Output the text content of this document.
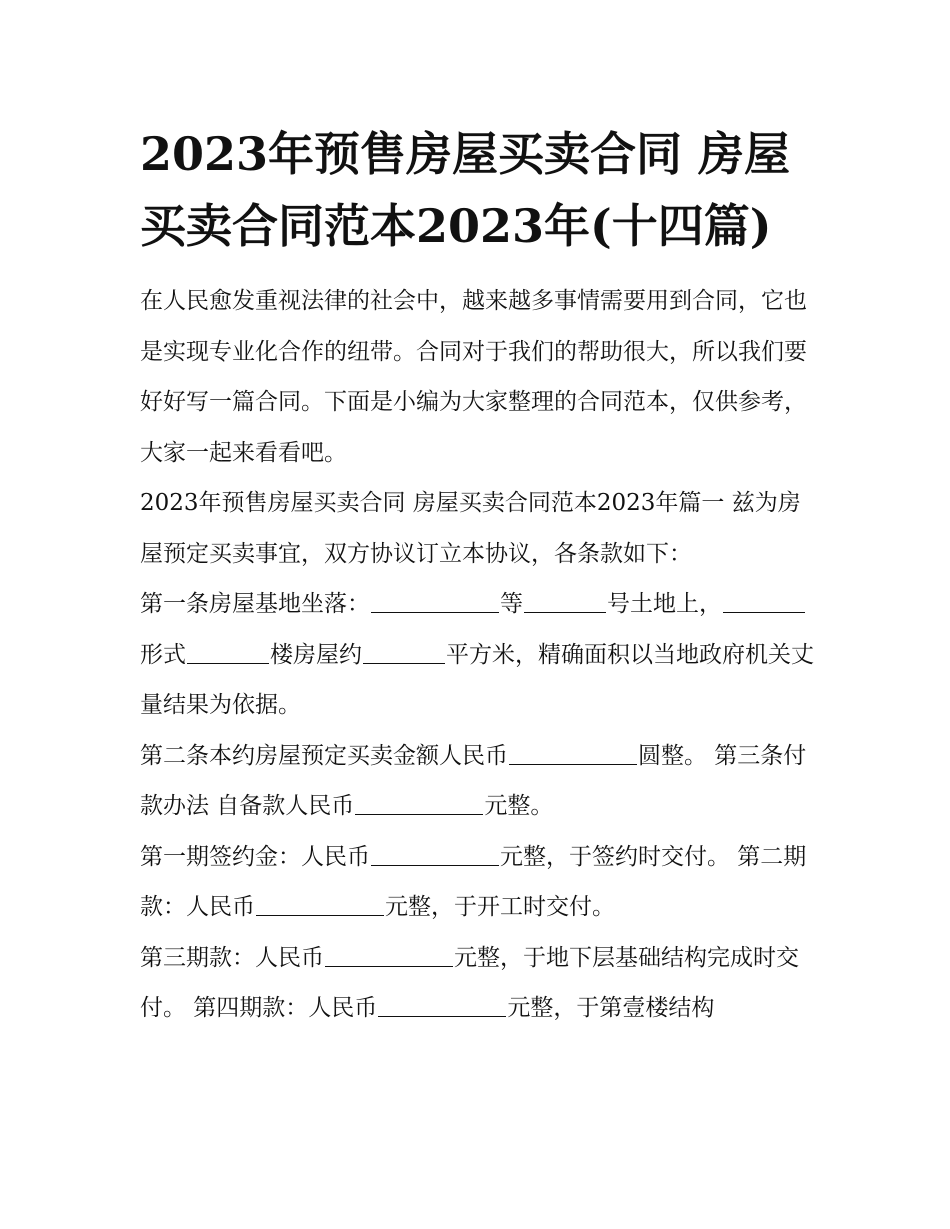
2023年预售房屋买卖合同 房屋买卖合同范本2023年(十四篇)

在人民愈发重视法律的社会中，越来越多事情需要用到合同，它也是实现专业化合作的纽带。合同对于我们的帮助很大，所以我们要好好写一篇合同。下面是小编为大家整理的合同范本，仅供参考，大家一起来看看吧。

2023年预售房屋买卖合同 房屋买卖合同范本2023年篇一 兹为房屋预定买卖事宜，双方协议订立本协议，各条款如下：

第一条房屋基地坐落：	等	号土地上，形式	楼房屋约	平方米，精确面积以当地政府机关丈量结果为依据。

第二条本约房屋预定买卖金额人民币	圆整。 第三条付款办法 自备款人民币	元整。

第一期签约金：人民币	元整，于签约时交付。 第二期款：人民币	元整，于开工时交付。

第三期款：人民币	元整，于地下层基础结构完成时交付。 第四期款：人民币	元整，于第壹楼结构
